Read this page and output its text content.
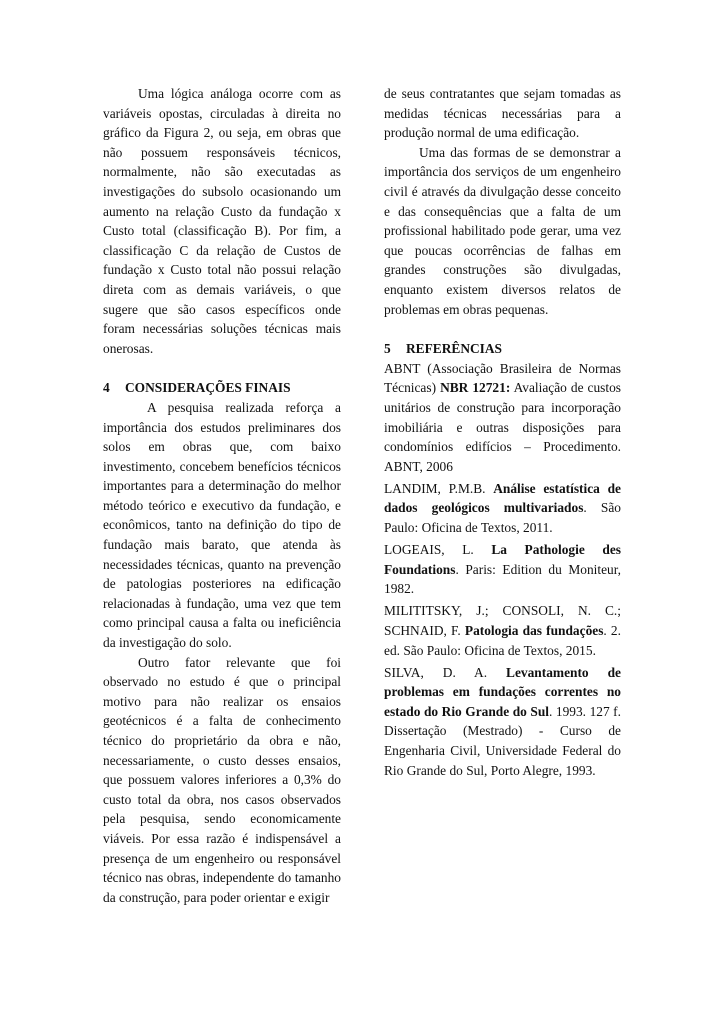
Uma lógica análoga ocorre com as variáveis opostas, circuladas à direita no gráfico da Figura 2, ou seja, em obras que não possuem responsáveis técnicos, normalmente, não são executadas as investigações do subsolo ocasionando um aumento na relação Custo da fundação x Custo total (classificação B). Por fim, a classificação C da relação de Custos de fundação x Custo total não possui relação direta com as demais variáveis, o que sugere que são casos específicos onde foram necessárias soluções técnicas mais onerosas.

4 CONSIDERAÇÕES FINAIS

A pesquisa realizada reforça a importância dos estudos preliminares dos solos em obras que, com baixo investimento, concebem benefícios técnicos importantes para a determinação do melhor método teórico e executivo da fundação, e econômicos, tanto na definição do tipo de fundação mais barato, que atenda às necessidades técnicas, quanto na prevenção de patologias posteriores na edificação relacionadas à fundação, uma vez que tem como principal causa a falta ou ineficiência da investigação do solo.

Outro fator relevante que foi observado no estudo é que o principal motivo para não realizar os ensaios geotécnicos é a falta de conhecimento técnico do proprietário da obra e não, necessariamente, o custo desses ensaios, que possuem valores inferiores a 0,3% do custo total da obra, nos casos observados pela pesquisa, sendo economicamente viáveis. Por essa razão é indispensável a presença de um engenheiro ou responsável técnico nas obras, independente do tamanho da construção, para poder orientar e exigir

de seus contratantes que sejam tomadas as medidas técnicas necessárias para a produção normal de uma edificação.

Uma das formas de se demonstrar a importância dos serviços de um engenheiro civil é através da divulgação desse conceito e das consequências que a falta de um profissional habilitado pode gerar, uma vez que poucas ocorrências de falhas em grandes construções são divulgadas, enquanto existem diversos relatos de problemas em obras pequenas.

5 REFERÊNCIAS

ABNT (Associação Brasileira de Normas Técnicas) NBR 12721: Avaliação de custos unitários de construção para incorporação imobiliária e outras disposições para condomínios edifícios – Procedimento. ABNT, 2006

LANDIM, P.M.B. Análise estatística de dados geológicos multivariados. São Paulo: Oficina de Textos, 2011.

LOGEAIS, L. La Pathologie des Foundations. Paris: Edition du Moniteur, 1982.

MILITITSKY, J.; CONSOLI, N. C.; SCHNAID, F. Patologia das fundações. 2. ed. São Paulo: Oficina de Textos, 2015.

SILVA, D. A. Levantamento de problemas em fundações correntes no estado do Rio Grande do Sul. 1993. 127 f. Dissertação (Mestrado) - Curso de Engenharia Civil, Universidade Federal do Rio Grande do Sul, Porto Alegre, 1993.
